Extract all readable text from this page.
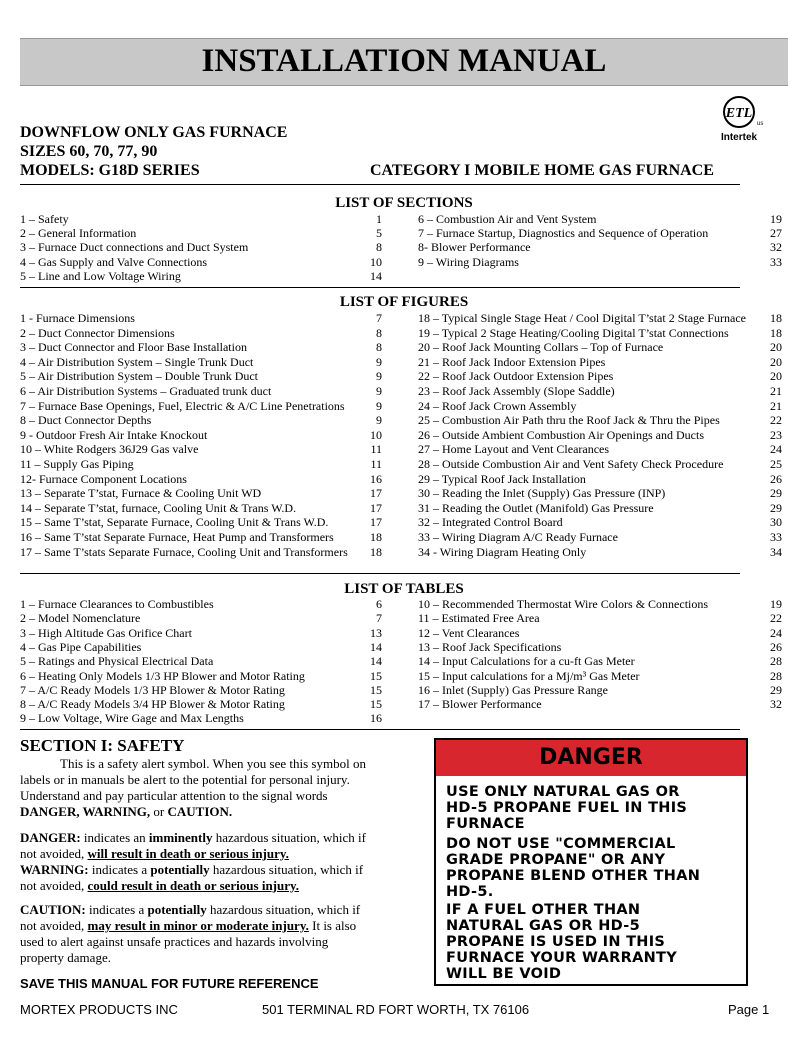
INSTALLATION MANUAL
ETL
us
Intertek
DOWNFLOW ONLY GAS FURNACE
SIZES 60, 70, 77, 90
MODELS: G18D SERIES	CATEGORY I MOBILE HOME GAS FURNACE
LIST OF SECTIONS
1 – Safety	1
2 – General Information	5
3 – Furnace Duct connections and Duct System	8
4 – Gas Supply and Valve Connections	10
5 – Line and Low Voltage Wiring	14
6 – Combustion Air and Vent System	19
7 – Furnace Startup, Diagnostics and Sequence of Operation	27
8- Blower Performance	32
9 – Wiring Diagrams	33
LIST OF FIGURES
1 - Furnace Dimensions	7
2 – Duct Connector Dimensions	8
3 – Duct Connector and Floor Base Installation	8
4 – Air Distribution System – Single Trunk Duct	9
5 – Air Distribution System – Double Trunk Duct	9
6 – Air Distribution Systems – Graduated trunk duct	9
7 – Furnace Base Openings, Fuel, Electric & A/C Line Penetrations	9
8 – Duct Connector Depths	9
9 - Outdoor Fresh Air Intake Knockout	10
10 – White Rodgers 36J29 Gas valve	11
11 – Supply Gas Piping	11
12- Furnace Component Locations	16
13 – Separate T’stat, Furnace & Cooling Unit WD	17
14 – Separate T’stat, furnace, Cooling Unit & Trans W.D.	17
15 – Same T’stat, Separate Furnace, Cooling Unit & Trans W.D.	17
16 – Same T’stat Separate Furnace, Heat Pump and Transformers	18
17 – Same T’stats Separate Furnace, Cooling Unit and Transformers	18
18 – Typical Single Stage Heat / Cool Digital T’stat 2 Stage Furnace	18
19 – Typical 2 Stage Heating/Cooling Digital T’stat Connections	18
20 – Roof Jack Mounting Collars – Top of Furnace	20
21 – Roof Jack Indoor Extension Pipes	20
22 – Roof Jack Outdoor Extension Pipes	20
23 – Roof Jack Assembly (Slope Saddle)	21
24 – Roof Jack Crown Assembly	21
25 – Combustion Air Path thru the Roof Jack & Thru the Pipes	22
26 – Outside Ambient Combustion Air Openings and Ducts	23
27 – Home Layout and Vent Clearances	24
28 – Outside Combustion Air and Vent Safety Check Procedure	25
29 – Typical Roof Jack Installation	26
30 – Reading the Inlet (Supply) Gas Pressure (INP)	29
31 – Reading the Outlet (Manifold) Gas Pressure	29
32 – Integrated Control Board	30
33 – Wiring Diagram A/C Ready Furnace	33
34 - Wiring Diagram Heating Only	34
LIST OF TABLES
1 – Furnace Clearances to Combustibles	6
2 – Model Nomenclature	7
3 – High Altitude Gas Orifice Chart	13
4 – Gas Pipe Capabilities	14
5 – Ratings and Physical Electrical Data	14
6 – Heating Only Models 1/3 HP Blower and Motor Rating	15
7 – A/C Ready Models 1/3 HP Blower & Motor Rating	15
8 – A/C Ready Models 3/4 HP Blower & Motor Rating	15
9 – Low Voltage, Wire Gage and Max Lengths	16
10 – Recommended Thermostat Wire Colors & Connections	19
11 – Estimated Free Area	22
12 – Vent Clearances	24
13 – Roof Jack Specifications	26
14 – Input Calculations for a cu-ft Gas Meter	28
15 – Input calculations for a Mj/m³ Gas Meter	28
16 – Inlet (Supply) Gas Pressure Range	29
17 – Blower Performance	32
SECTION I: SAFETY
This is a safety alert symbol. When you see this symbol on
labels or in manuals be alert to the potential for personal injury.
Understand and pay particular attention to the signal words
DANGER, WARNING, or CAUTION.
DANGER: indicates an imminently hazardous situation, which if
not avoided, will result in death or serious injury.
WARNING: indicates a potentially hazardous situation, which if
not avoided, could result in death or serious injury.
CAUTION: indicates a potentially hazardous situation, which if
not avoided, may result in minor or moderate injury. It is also
used to alert against unsafe practices and hazards involving
property damage.
SAVE THIS MANUAL FOR FUTURE REFERENCE
DANGER
USE ONLY NATURAL GAS OR
HD-5 PROPANE FUEL IN THIS
FURNACE
DO NOT USE "COMMERCIAL
GRADE PROPANE" OR ANY
PROPANE BLEND OTHER THAN
HD-5.
IF A FUEL OTHER THAN
NATURAL GAS OR HD-5
PROPANE IS USED IN THIS
FURNACE YOUR WARRANTY
WILL BE VOID
MORTEX PRODUCTS INC	501 TERMINAL RD FORT WORTH, TX 76106	Page 1
